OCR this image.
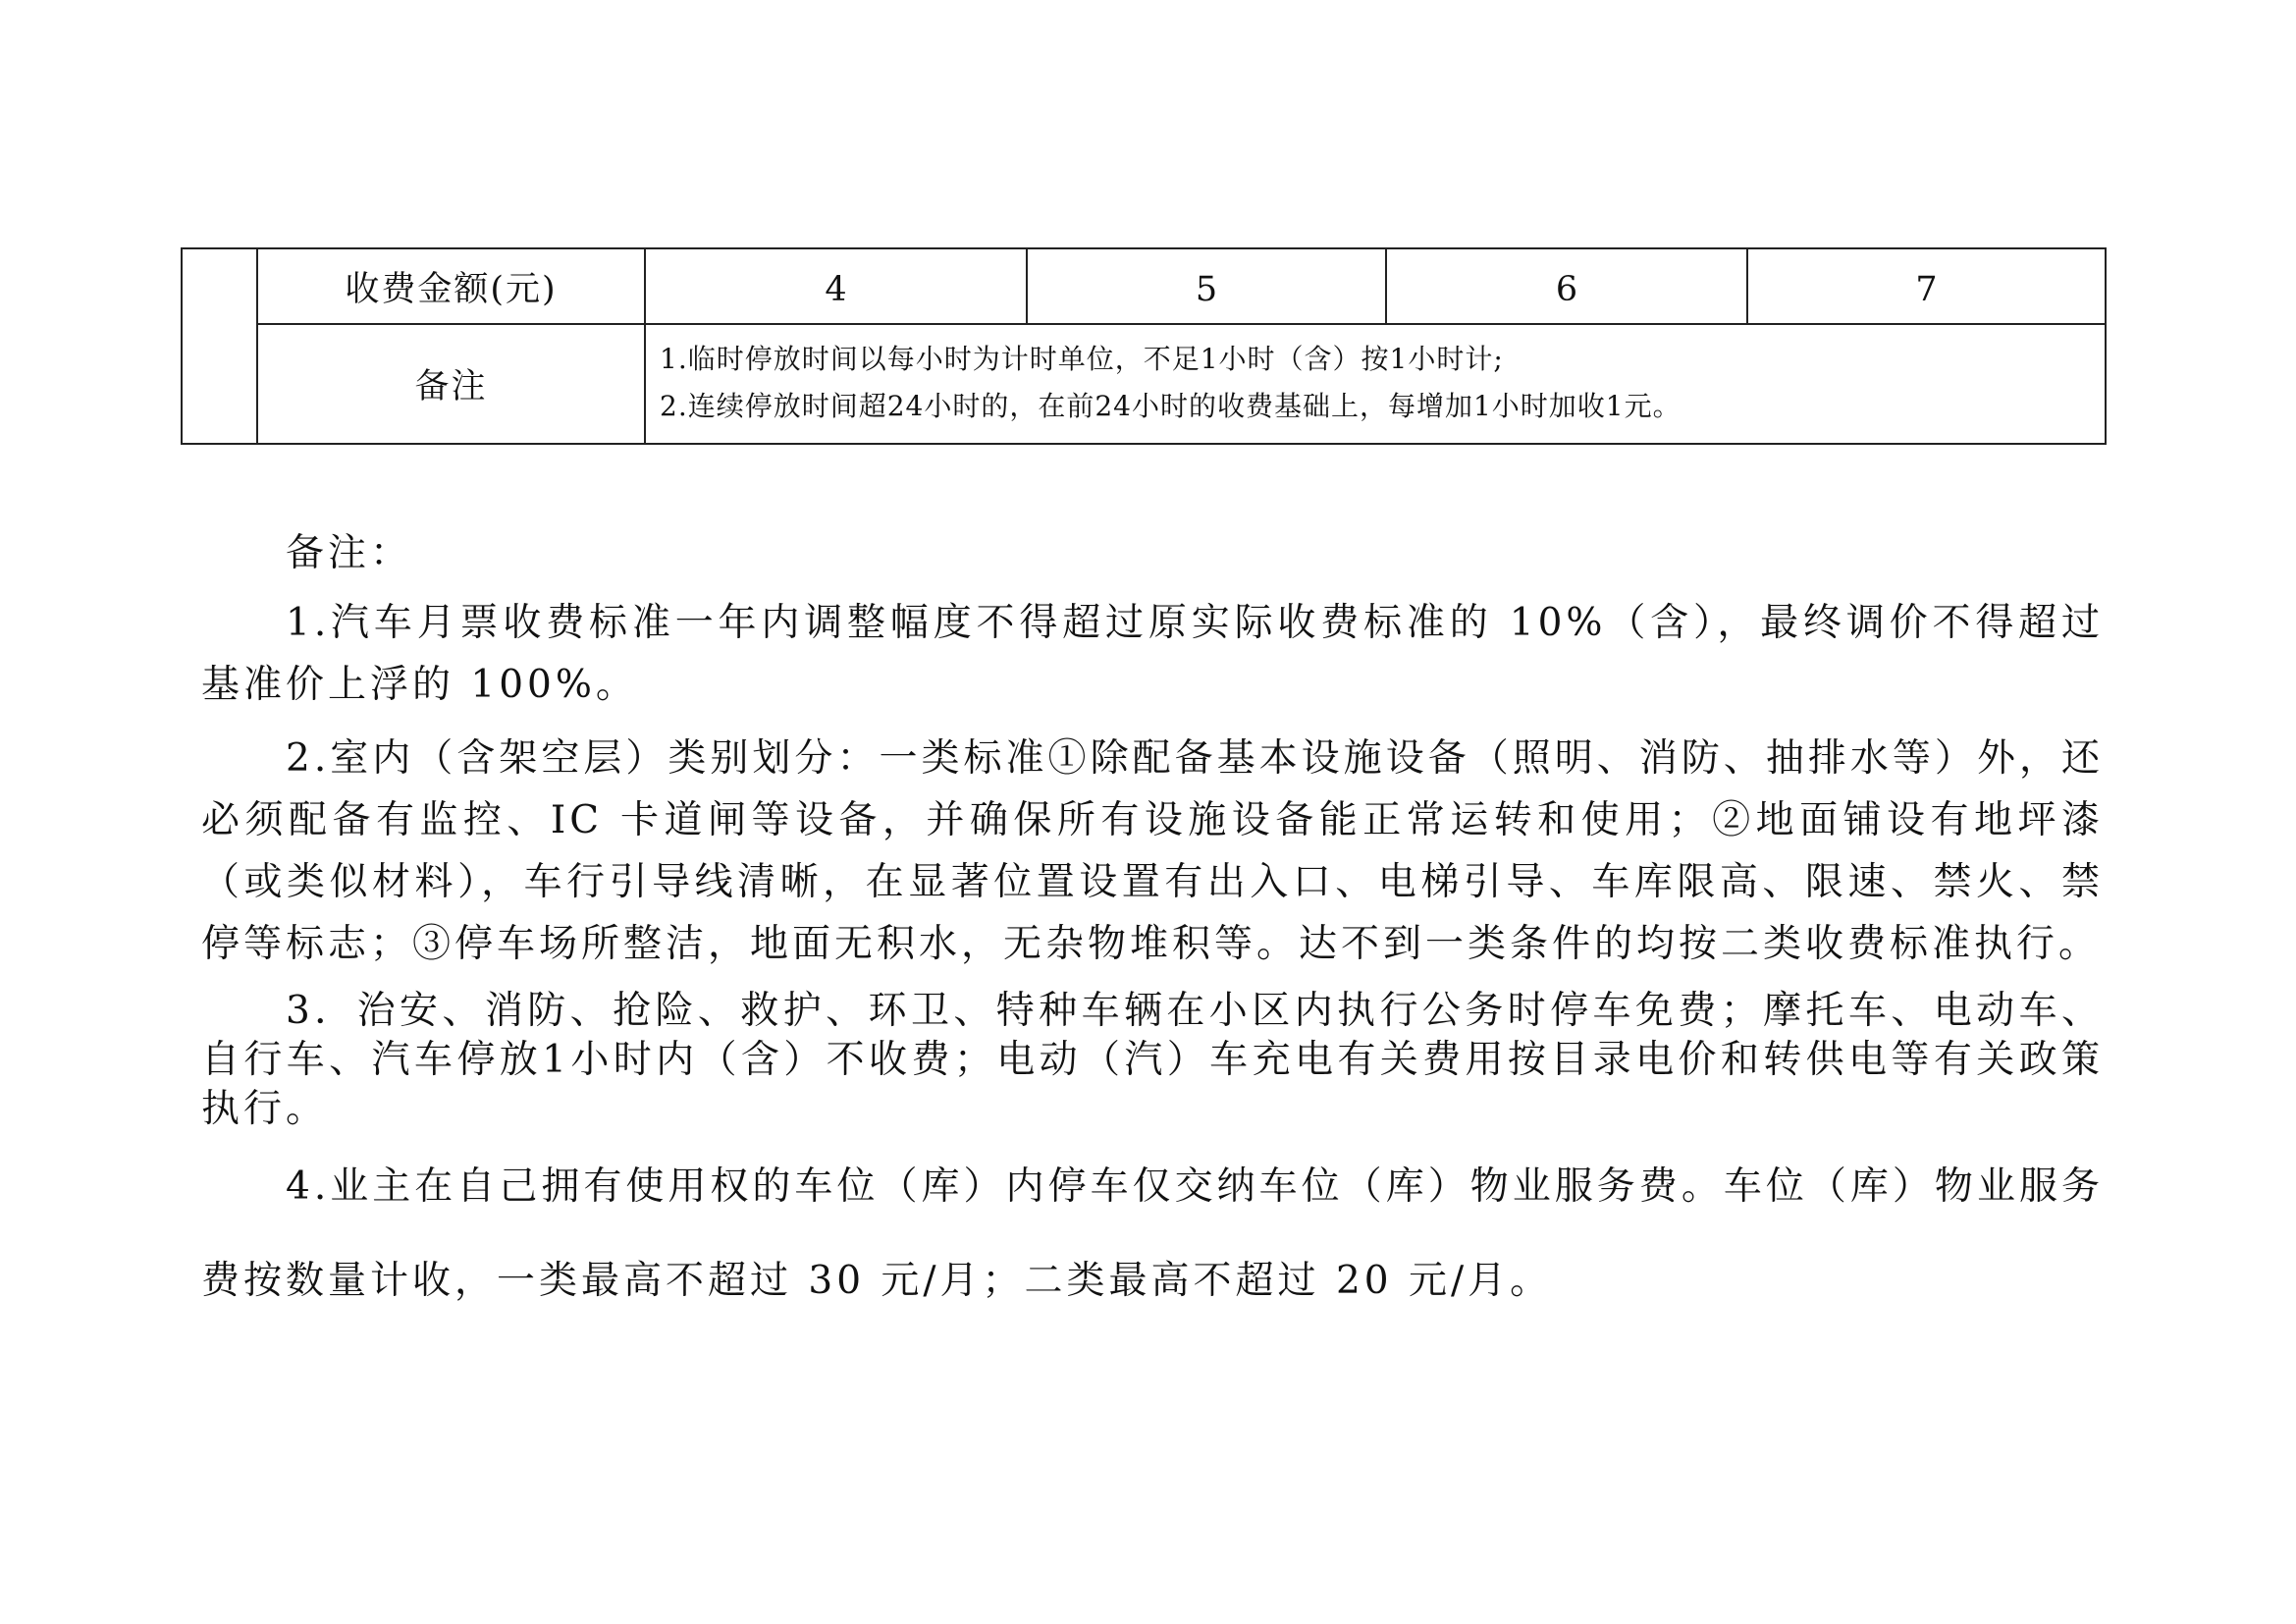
	收费金额(元)	4	5	6	7
	备注	1.临时停放时间以每小时为计时单位，不足1小时（含）按1小时计;
2.连续停放时间超24小时的，在前24小时的收费基础上，每增加1小时加收1元。			

备注：

1.汽车月票收费标准一年内调整幅度不得超过原实际收费标准的 10%（含），最终调价不得超过基准价上浮的 100%。

2.室内（含架空层）类别划分：一类标准①除配备基本设施设备（照明、消防、抽排水等）外，还必须配备有监控、IC 卡道闸等设备，并确保所有设施设备能正常运转和使用；②地面铺设有地坪漆（或类似材料），车行引导线清晰，在显著位置设置有出入口、电梯引导、车库限高、限速、禁火、禁停等标志；③停车场所整洁，地面无积水，无杂物堆积等。达不到一类条件的均按二类收费标准执行。

3．治安、消防、抢险、救护、环卫、特种车辆在小区内执行公务时停车免费；摩托车、电动车、自行车、汽车停放1小时内（含）不收费；电动（汽）车充电有关费用按目录电价和转供电等有关政策执行。

4.业主在自己拥有使用权的车位（库）内停车仅交纳车位（库）物业服务费。车位（库）物业服务费按数量计收，一类最高不超过 30 元/月；二类最高不超过 20 元/月。
